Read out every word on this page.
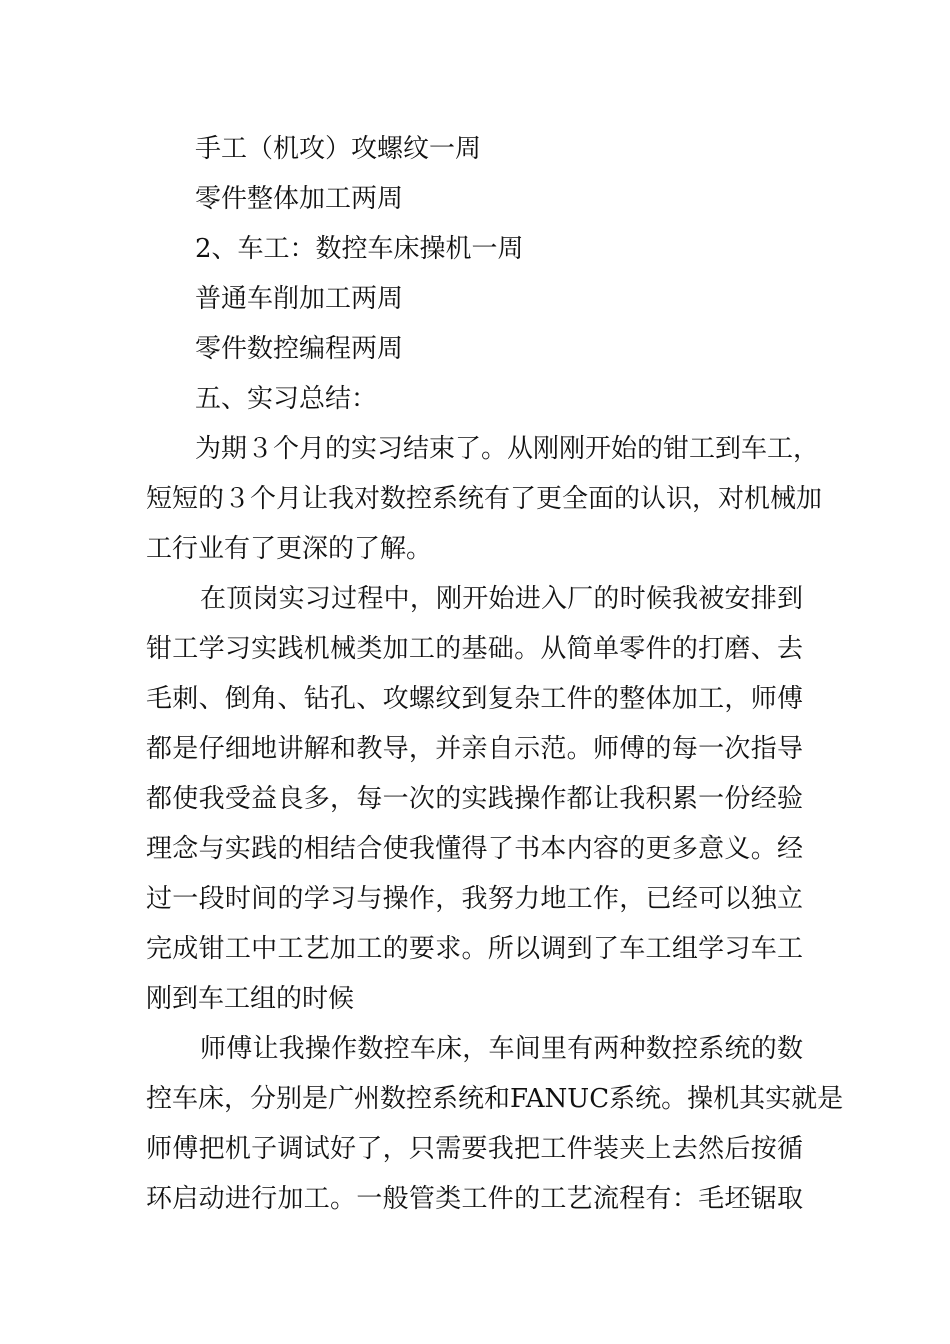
手工（机攻）攻螺纹一周
零件整体加工两周
2、车工：数控车床操机一周
普通车削加工两周
零件数控编程两周
五、实习总结：
为期３个月的实习结束了。从刚刚开始的钳工到车工，
短短的３个月让我对数控系统有了更全面的认识，对机械加
工行业有了更深的了解。
在顶岗实习过程中，刚开始进入厂的时候我被安排到
钳工学习实践机械类加工的基础。从简单零件的打磨、去
毛刺、倒角、钻孔、攻螺纹到复杂工件的整体加工，师傅
都是仔细地讲解和教导，并亲自示范。师傅的每一次指导
都使我受益良多，每一次的实践操作都让我积累一份经验
理念与实践的相结合使我懂得了书本内容的更多意义。经
过一段时间的学习与操作，我努力地工作，已经可以独立
完成钳工中工艺加工的要求。所以调到了车工组学习车工
刚到车工组的时候
师傅让我操作数控车床，车间里有两种数控系统的数
控车床，分别是广州数控系统和FANUC系统。操机其实就是
师傅把机子调试好了，只需要我把工件装夹上去然后按循
环启动进行加工。一般管类工件的工艺流程有：毛坯锯取
